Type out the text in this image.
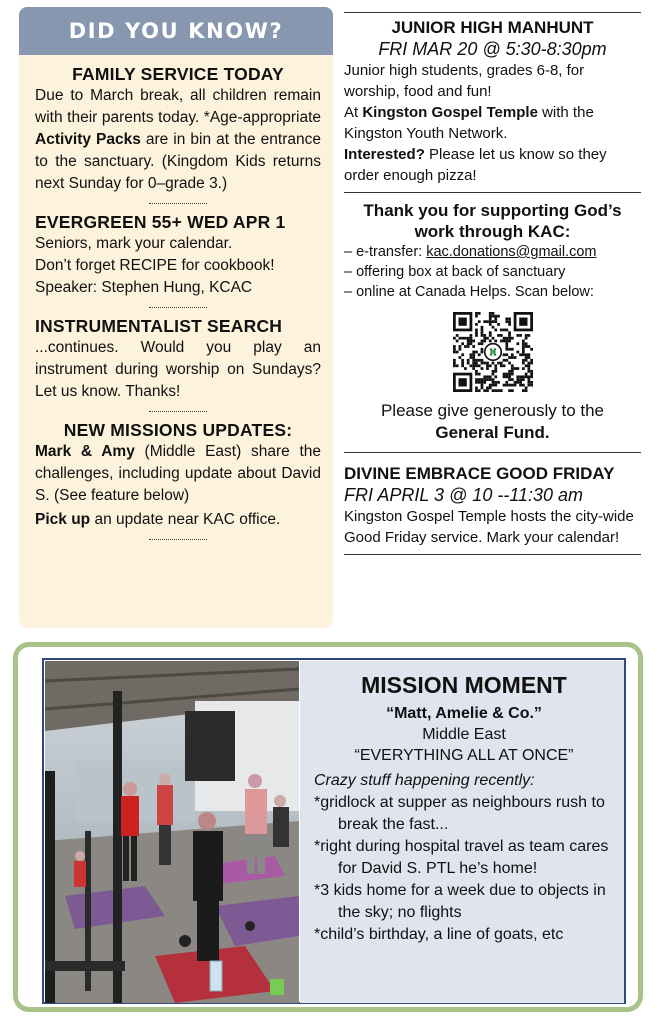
DID YOU KNOW?
FAMILY SERVICE TODAY
Due to March break, all children remain with their parents today. *Age-appropriate Activity Packs are in bin at the entrance to the sanctuary. (Kingdom Kids returns next Sunday for 0–grade 3.)
EVERGREEN 55+ WED APR 1
Seniors, mark your calendar.
Don’t forget RECIPE for cookbook!
Speaker: Stephen Hung, KCAC
INSTRUMENTALIST SEARCH
...continues. Would you play an instrument during worship on Sundays? Let us know. Thanks!
NEW MISSIONS UPDATES:
Mark & Amy (Middle East) share the challenges, including update about David S. (See feature below)
Pick up an update near KAC office.
JUNIOR HIGH MANHUNT
FRI MAR 20 @ 5:30-8:30pm
Junior high students, grades 6-8, for worship, food and fun!
At Kingston Gospel Temple with the Kingston Youth Network.
Interested? Please let us know so they order enough pizza!
Thank you for supporting God’s work through KAC:
– e-transfer: kac.donations@gmail.com
– offering box at back of sanctuary
– online at Canada Helps. Scan below:
Please give generously to the
General Fund.
DIVINE EMBRACE GOOD FRIDAY
FRI APRIL 3 @ 10 --11:30 am
Kingston Gospel Temple hosts the city-wide Good Friday service. Mark your calendar!
MISSION MOMENT
“Matt, Amelie & Co.”
Middle East
“EVERYTHING ALL AT ONCE”
Crazy stuff happening recently:
*gridlock at supper as neighbours rush to break the fast...
*right during hospital travel as team cares for David S. PTL he’s home!
*3 kids home for a week due to objects in the sky; no flights
*child’s birthday, a line of goats, etc
